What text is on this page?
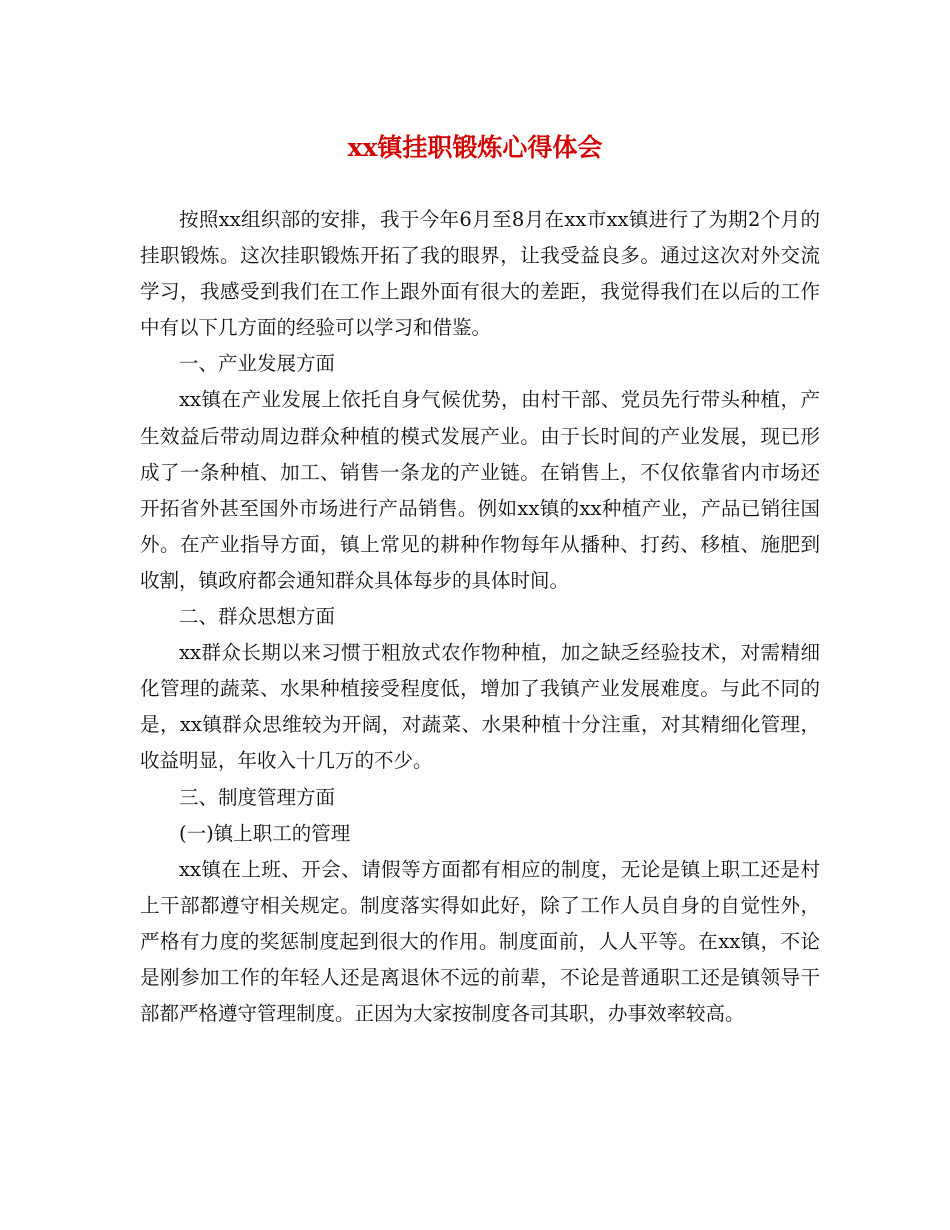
xx镇挂职锻炼心得体会

按照xx组织部的安排，我于今年6月至8月在xx市xx镇进行了为期2个月的挂职锻炼。这次挂职锻炼开拓了我的眼界，让我受益良多。通过这次对外交流学习，我感受到我们在工作上跟外面有很大的差距，我觉得我们在以后的工作中有以下几方面的经验可以学习和借鉴。

一、产业发展方面

xx镇在产业发展上依托自身气候优势，由村干部、党员先行带头种植，产生效益后带动周边群众种植的模式发展产业。由于长时间的产业发展，现已形成了一条种植、加工、销售一条龙的产业链。在销售上，不仅依靠省内市场还开拓省外甚至国外市场进行产品销售。例如xx镇的xx种植产业，产品已销往国外。在产业指导方面，镇上常见的耕种作物每年从播种、打药、移植、施肥到收割，镇政府都会通知群众具体每步的具体时间。

二、群众思想方面

xx群众长期以来习惯于粗放式农作物种植，加之缺乏经验技术，对需精细化管理的蔬菜、水果种植接受程度低，增加了我镇产业发展难度。与此不同的是，xx镇群众思维较为开阔，对蔬菜、水果种植十分注重，对其精细化管理，收益明显，年收入十几万的不少。

三、制度管理方面

(一)镇上职工的管理

xx镇在上班、开会、请假等方面都有相应的制度，无论是镇上职工还是村上干部都遵守相关规定。制度落实得如此好，除了工作人员自身的自觉性外，严格有力度的奖惩制度起到很大的作用。制度面前，人人平等。在xx镇，不论是刚参加工作的年轻人还是离退休不远的前辈，不论是普通职工还是镇领导干部都严格遵守管理制度。正因为大家按制度各司其职，办事效率较高。
